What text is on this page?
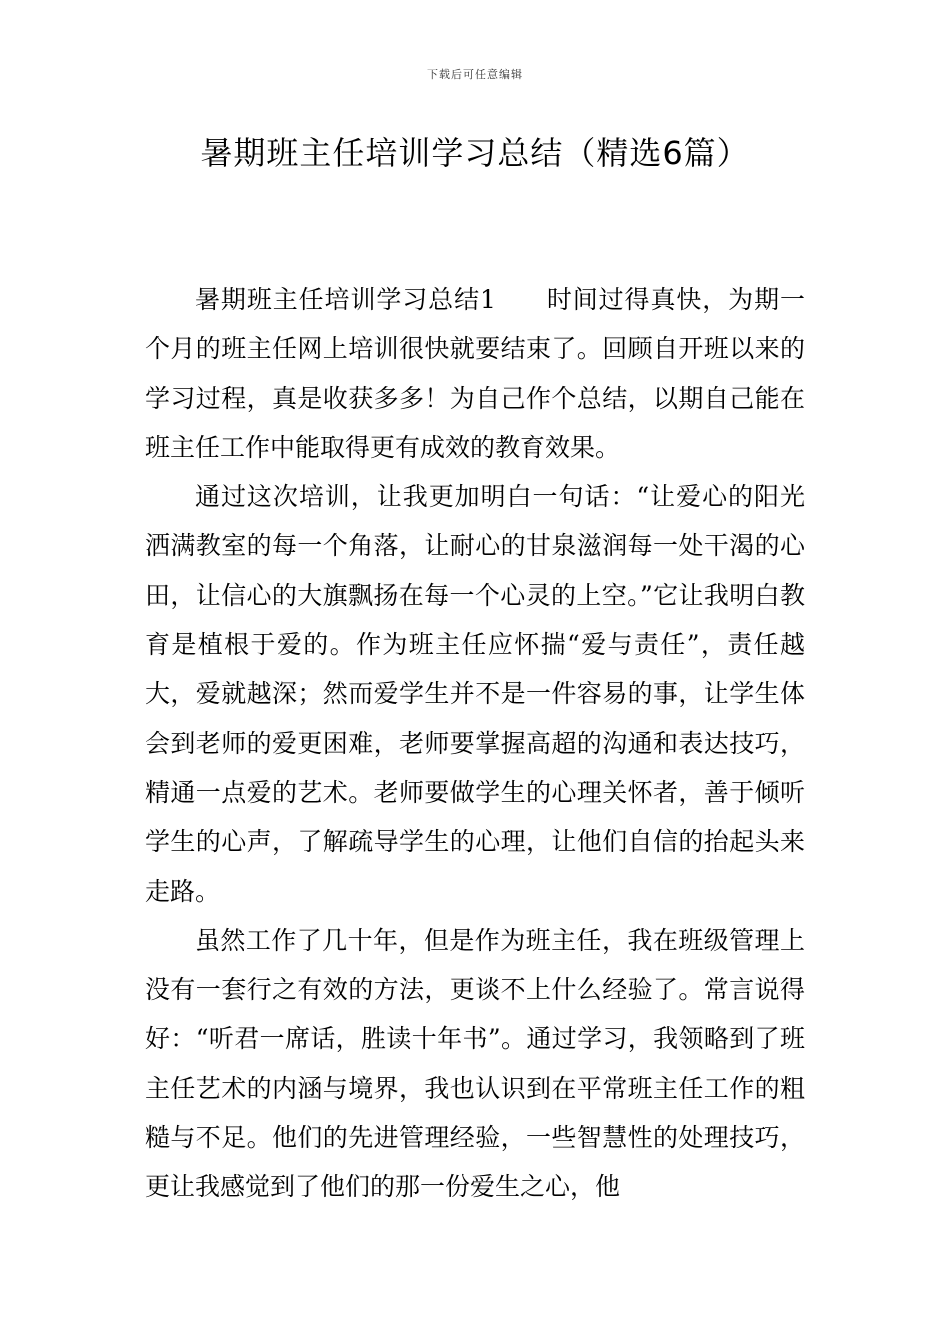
下载后可任意编辑
暑期班主任培训学习总结（精选6篇）

暑期班主任培训学习总结1 时间过得真快，为期一个月的班主任网上培训很快就要结束了。回顾自开班以来的学习过程，真是收获多多！为自己作个总结，以期自己能在班主任工作中能取得更有成效的教育效果。

通过这次培训，让我更加明白一句话：“让爱心的阳光洒满教室的每一个角落，让耐心的甘泉滋润每一处干渴的心田，让信心的大旗飘扬在每一个心灵的上空。”它让我明白教育是植根于爱的。作为班主任应怀揣“爱与责任”，责任越大，爱就越深；然而爱学生并不是一件容易的事，让学生体会到老师的爱更困难，老师要掌握高超的沟通和表达技巧，精通一点爱的艺术。老师要做学生的心理关怀者，善于倾听学生的心声，了解疏导学生的心理，让他们自信的抬起头来走路。

虽然工作了几十年，但是作为班主任，我在班级管理上没有一套行之有效的方法，更谈不上什么经验了。常言说得好：“听君一席话，胜读十年书”。通过学习，我领略到了班主任艺术的内涵与境界，我也认识到在平常班主任工作的粗糙与不足。他们的先进管理经验，一些智慧性的处理技巧，更让我感觉到了他们的那一份爱生之心，他
